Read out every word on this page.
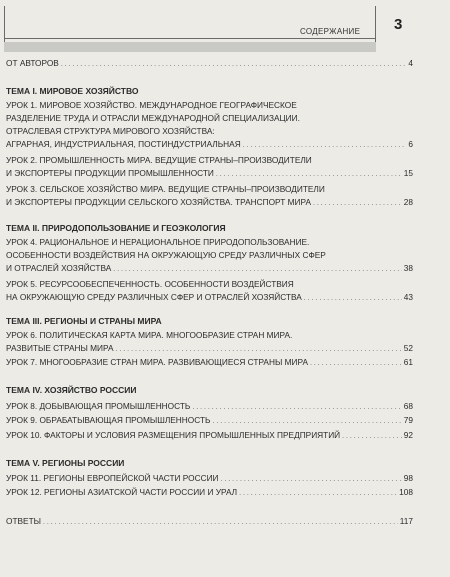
СОДЕРЖАНИЕ 3
ОТ АВТОРОВ . . .	4
ТЕМА I. МИРОВОЕ ХОЗЯЙСТВО
УРОК 1. МИРОВОЕ ХОЗЯЙСТВО. МЕЖДУНАРОДНОЕ ГЕОГРАФИЧЕСКОЕ
РАЗДЕЛЕНИЕ ТРУДА И ОТРАСЛИ МЕЖДУНАРОДНОЙ СПЕЦИАЛИЗАЦИИ.
ОТРАСЛЕВАЯ СТРУКТУРА МИРОВОГО ХОЗЯЙСТВА:
АГРАРНАЯ, ИНДУСТРИАЛЬНАЯ, ПОСТИНДУСТРИАЛЬНАЯ . . .	6
УРОК 2. ПРОМЫШЛЕННОСТЬ МИРА. ВЕДУЩИЕ СТРАНЫ–ПРОИЗВОДИТЕЛИ
И ЭКСПОРТЕРЫ ПРОДУКЦИИ ПРОМЫШЛЕННОСТИ . . .	15
УРОК 3. СЕЛЬСКОЕ ХОЗЯЙСТВО МИРА. ВЕДУЩИЕ СТРАНЫ–ПРОИЗВОДИТЕЛИ
И ЭКСПОРТЕРЫ ПРОДУКЦИИ СЕЛЬСКОГО ХОЗЯЙСТВА. ТРАНСПОРТ МИРА . . .	28
ТЕМА II. ПРИРОДОПОЛЬЗОВАНИЕ И ГЕОЭКОЛОГИЯ
УРОК 4. РАЦИОНАЛЬНОЕ И НЕРАЦИОНАЛЬНОЕ ПРИРОДОПОЛЬЗОВАНИЕ.
ОСОБЕННОСТИ ВОЗДЕЙСТВИЯ НА ОКРУЖАЮЩУЮ СРЕДУ РАЗЛИЧНЫХ СФЕР
И ОТРАСЛЕЙ ХОЗЯЙСТВА . . .	38
УРОК 5. РЕСУРСООБЕСПЕЧЕННОСТЬ. ОСОБЕННОСТИ ВОЗДЕЙСТВИЯ
НА ОКРУЖАЮЩУЮ СРЕДУ РАЗЛИЧНЫХ СФЕР И ОТРАСЛЕЙ ХОЗЯЙСТВА . . .	43
ТЕМА III. РЕГИОНЫ И СТРАНЫ МИРА
УРОК 6. ПОЛИТИЧЕСКАЯ КАРТА МИРА. МНОГООБРАЗИЕ СТРАН МИРА.
РАЗВИТЫЕ СТРАНЫ МИРА . . .	52
УРОК 7. МНОГООБРАЗИЕ СТРАН МИРА. РАЗВИВАЮЩИЕСЯ СТРАНЫ МИРА . . .	61
ТЕМА IV. ХОЗЯЙСТВО РОССИИ
УРОК 8. ДОБЫВАЮЩАЯ ПРОМЫШЛЕННОСТЬ . . .	68
УРОК 9. ОБРАБАТЫВАЮЩАЯ ПРОМЫШЛЕННОСТЬ . . .	79
УРОК 10. ФАКТОРЫ И УСЛОВИЯ РАЗМЕЩЕНИЯ ПРОМЫШЛЕННЫХ ПРЕДПРИЯТИЙ . . .	92
ТЕМА V. РЕГИОНЫ РОССИИ
УРОК 11. РЕГИОНЫ ЕВРОПЕЙСКОЙ ЧАСТИ РОССИИ . . .	98
УРОК 12. РЕГИОНЫ АЗИАТСКОЙ ЧАСТИ РОССИИ И УРАЛ . . .	108
ОТВЕТЫ . . .	117
